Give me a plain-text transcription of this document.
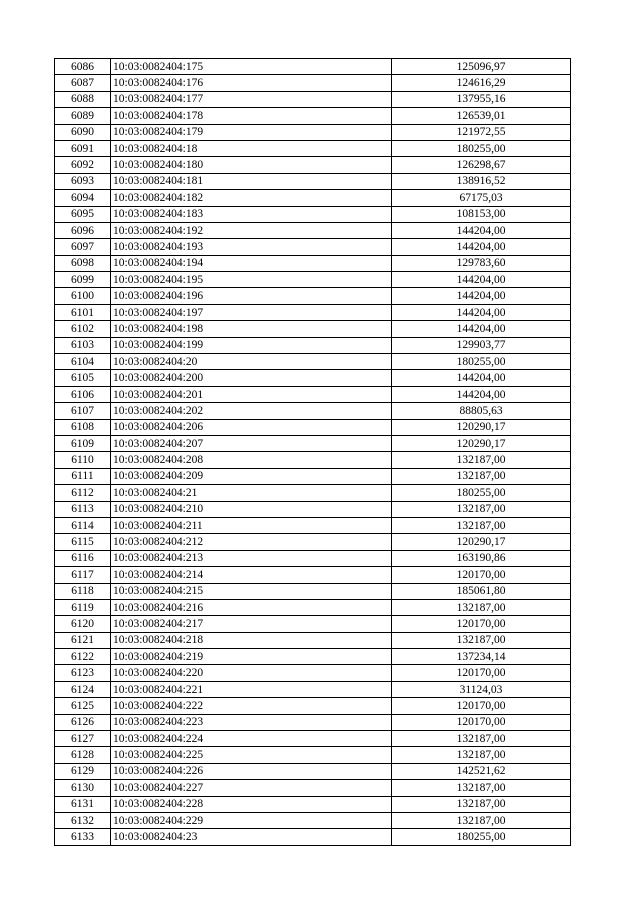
6086	10:03:0082404:175	125096,97
6087	10:03:0082404:176	124616,29
6088	10:03:0082404:177	137955,16
6089	10:03:0082404:178	126539,01
6090	10:03:0082404:179	121972,55
6091	10:03:0082404:18	180255,00
6092	10:03:0082404:180	126298,67
6093	10:03:0082404:181	138916,52
6094	10:03:0082404:182	67175,03
6095	10:03:0082404:183	108153,00
6096	10:03:0082404:192	144204,00
6097	10:03:0082404:193	144204,00
6098	10:03:0082404:194	129783,60
6099	10:03:0082404:195	144204,00
6100	10:03:0082404:196	144204,00
6101	10:03:0082404:197	144204,00
6102	10:03:0082404:198	144204,00
6103	10:03:0082404:199	129903,77
6104	10:03:0082404:20	180255,00
6105	10:03:0082404:200	144204,00
6106	10:03:0082404:201	144204,00
6107	10:03:0082404:202	88805,63
6108	10:03:0082404:206	120290,17
6109	10:03:0082404:207	120290,17
6110	10:03:0082404:208	132187,00
6111	10:03:0082404:209	132187,00
6112	10:03:0082404:21	180255,00
6113	10:03:0082404:210	132187,00
6114	10:03:0082404:211	132187,00
6115	10:03:0082404:212	120290,17
6116	10:03:0082404:213	163190,86
6117	10:03:0082404:214	120170,00
6118	10:03:0082404:215	185061,80
6119	10:03:0082404:216	132187,00
6120	10:03:0082404:217	120170,00
6121	10:03:0082404:218	132187,00
6122	10:03:0082404:219	137234,14
6123	10:03:0082404:220	120170,00
6124	10:03:0082404:221	31124,03
6125	10:03:0082404:222	120170,00
6126	10:03:0082404:223	120170,00
6127	10:03:0082404:224	132187,00
6128	10:03:0082404:225	132187,00
6129	10:03:0082404:226	142521,62
6130	10:03:0082404:227	132187,00
6131	10:03:0082404:228	132187,00
6132	10:03:0082404:229	132187,00
6133	10:03:0082404:23	180255,00
